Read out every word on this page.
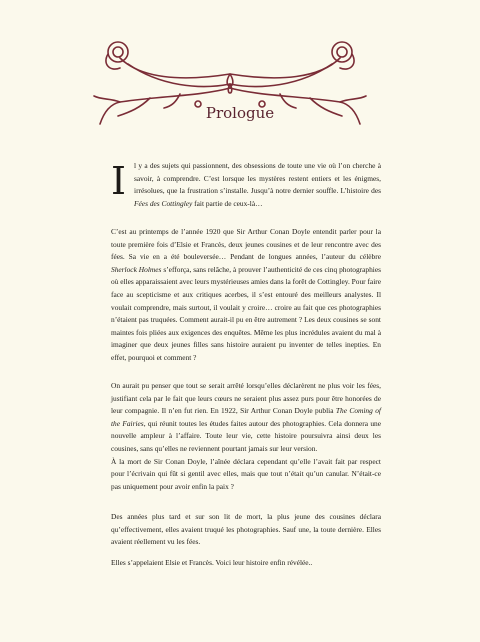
Prologue

I l y a des sujets qui passionnent, des obsessions de toute une vie où l’on cherche à savoir, à comprendre. C’est lorsque les mystères restent entiers et les énigmes, irrésolues, que la frustration s’installe. Jusqu’à notre dernier souffle. L’histoire des Fées des Cottingley fait partie de ceux-là…

C’est au printemps de l’année 1920 que Sir Arthur Conan Doyle entendit parler pour la toute première fois d’Elsie et Francès, deux jeunes cousines et de leur rencontre avec des fées. Sa vie en a été bouleversée… Pendant de longues années, l’auteur du célèbre Sherlock Holmes s’efforça, sans relâche, à prouver l’authenticité de ces cinq photographies où elles apparaissaient avec leurs mystérieuses amies dans la forêt de Cottingley. Pour faire face au scepticisme et aux critiques acerbes, il s’est entouré des meilleurs analystes. Il voulait comprendre, mais surtout, il voulait y croire… croire au fait que ces photographies n’étaient pas truquées. Comment aurait-il pu en être autrement ? Les deux cousines se sont maintes fois pliées aux exigences des enquêtes. Même les plus incrédules avaient du mal à imaginer que deux jeunes filles sans histoire auraient pu inventer de telles inepties. En effet, pourquoi et comment ?

On aurait pu penser que tout se serait arrêté lorsqu’elles déclarèrent ne plus voir les fées, justifiant cela par le fait que leurs cœurs ne seraient plus assez purs pour être honorées de leur compagnie. Il n’en fut rien. En 1922, Sir Arthur Conan Doyle publia The Coming of the Fairies, qui réunit toutes les études faites autour des photographies. Cela donnera une nouvelle ampleur à l’affaire. Toute leur vie, cette histoire poursuivra ainsi deux les cousines, sans qu’elles ne reviennent pourtant jamais sur leur version.
À la mort de Sir Conan Doyle, l’aînée déclara cependant qu’elle l’avait fait par respect pour l’écrivain qui fût si gentil avec elles, mais que tout n’était qu’un canular. N’était-ce pas uniquement pour avoir enfin la paix ?

Des années plus tard et sur son lit de mort, la plus jeune des cousines déclara qu’effectivement, elles avaient truqué les photographies. Sauf une, la toute dernière. Elles avaient réellement vu les fées.

Elles s’appelaient Elsie et Francès. Voici leur histoire enfin révélée..
